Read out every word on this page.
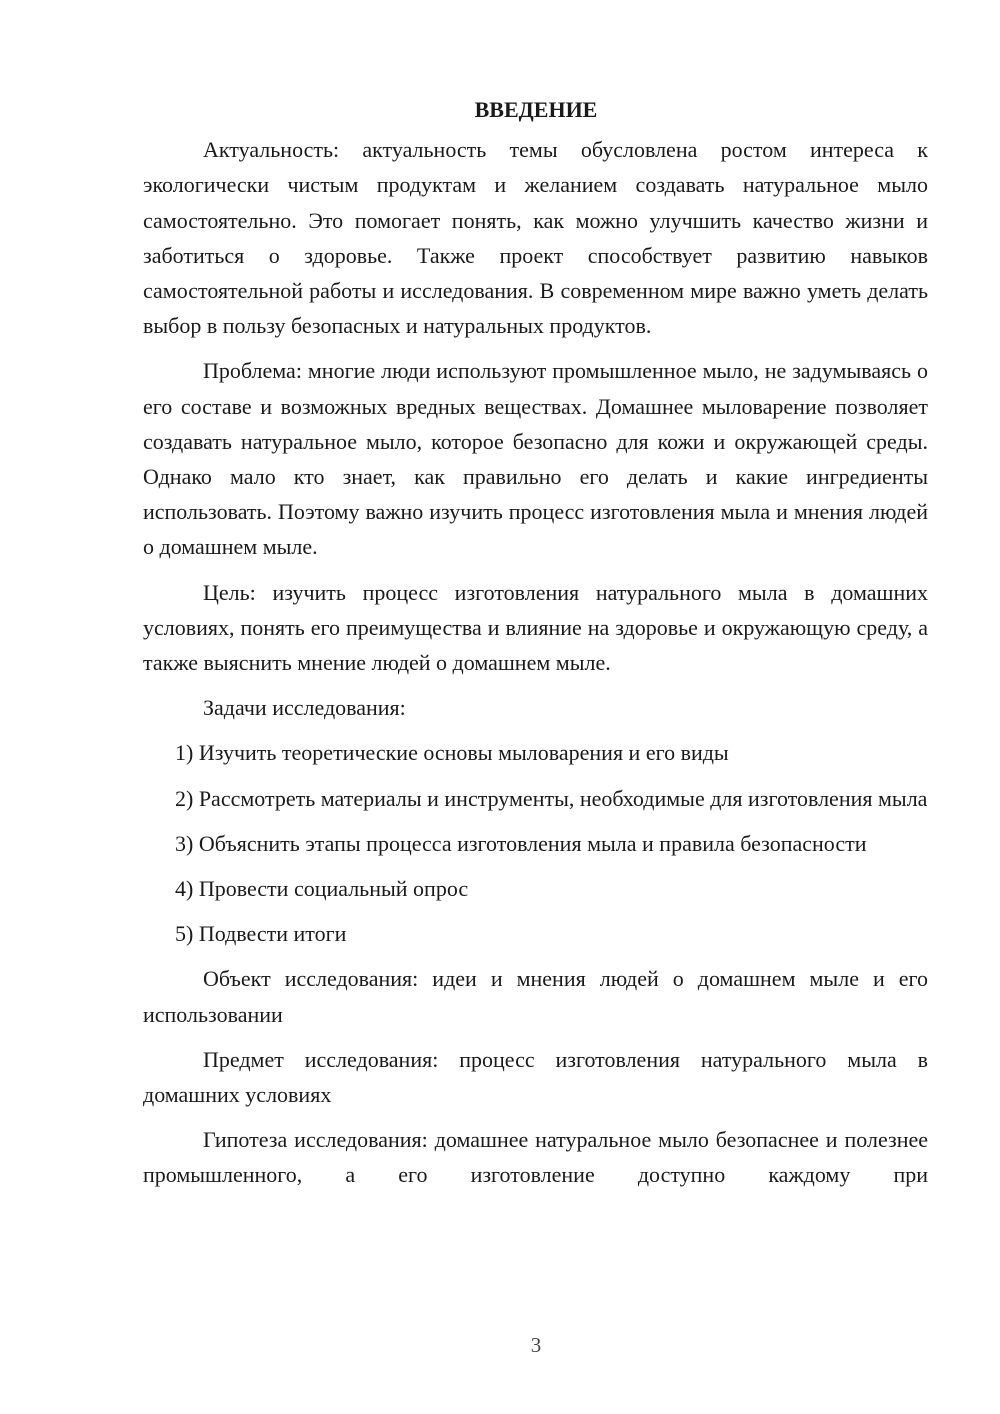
ВВЕДЕНИЕ

Актуальность: актуальность темы обусловлена ростом интереса к экологически чистым продуктам и желанием создавать натуральное мыло самостоятельно. Это помогает понять, как можно улучшить качество жизни и заботиться о здоровье. Также проект способствует развитию навыков самостоятельной работы и исследования. В современном мире важно уметь делать выбор в пользу безопасных и натуральных продуктов.

Проблема: многие люди используют промышленное мыло, не задумываясь о его составе и возможных вредных веществах. Домашнее мыловарение позволяет создавать натуральное мыло, которое безопасно для кожи и окружающей среды. Однако мало кто знает, как правильно его делать и какие ингредиенты использовать. Поэтому важно изучить процесс изготовления мыла и мнения людей о домашнем мыле.

Цель: изучить процесс изготовления натурального мыла в домашних условиях, понять его преимущества и влияние на здоровье и окружающую среду, а также выяснить мнение людей о домашнем мыле.

Задачи исследования:

1) Изучить теоретические основы мыловарения и его виды

2) Рассмотреть материалы и инструменты, необходимые для изготовления мыла

3) Объяснить этапы процесса изготовления мыла и правила безопасности

4) Провести социальный опрос

5) Подвести итоги

Объект исследования: идеи и мнения людей о домашнем мыле и его использовании

Предмет исследования: процесс изготовления натурального мыла в домашних условиях

Гипотеза исследования: домашнее натуральное мыло безопаснее и полезнее промышленного, а его изготовление доступно каждому при

3
